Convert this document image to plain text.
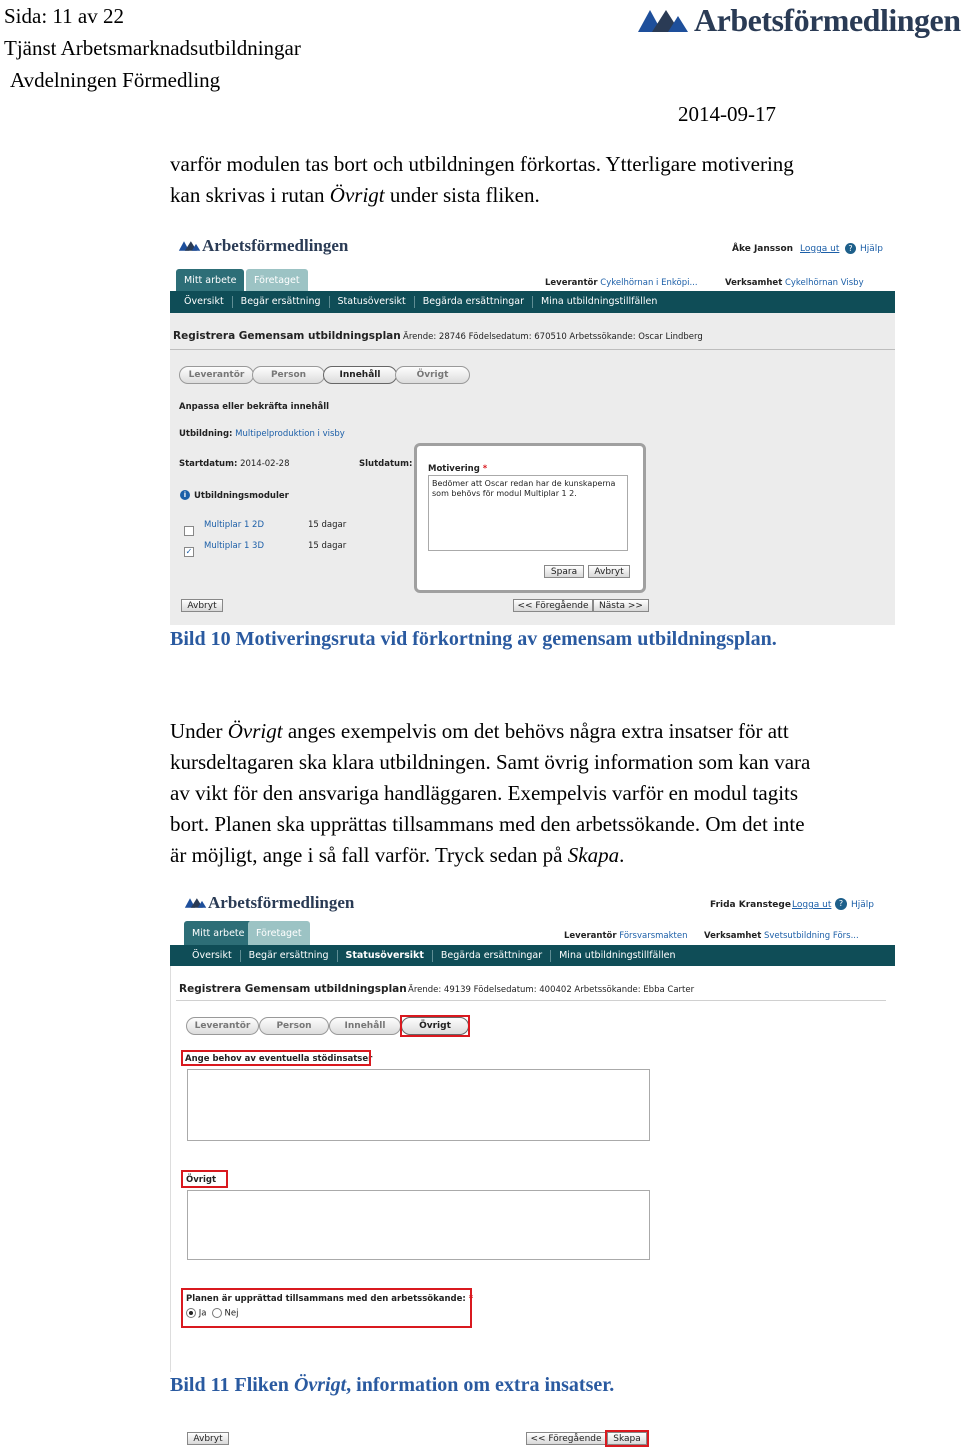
Sida: 11 av 22
Tjänst Arbetsmarknadsutbildningar
Avdelningen Förmedling
2014-09-17
Arbetsförmedlingen
varför modulen tas bort och utbildningen förkortas. Ytterligare motivering
kan skrivas i rutan Övrigt under sista fliken.
Arbetsförmedlingen	Åke Jansson Logga ut	? Hjälp
Mitt arbete	Företaget	Leverantör Cykelhörnan i Enköpi...	Verksamhet Cykelhörnan Visby
Översikt	Begär ersättning	Statusöversikt	Begärda ersättningar	Mina utbildningstillfällen
Registrera Gemensam utbildningsplan Ärende: 28746 Födelsedatum: 670510 Arbetssökande: Oscar Lindberg
Leverantör	Person	Innehåll	Övrigt
Anpassa eller bekräfta innehåll
Utbildning: Multipelproduktion i visby
Startdatum: 2014-02-28	Slutdatum:
i Utbildningsmoduler
Multiplar 1 2D	15 dagar
✓ Multiplar 1 3D	15 dagar
Motivering *
Bedömer att Oscar redan har de kunskaperna
som behövs för modul Multiplar 1 2.
Spara	Avbryt
Avbryt	<< Föregående	Nästa >>
Bild 10 Motiveringsruta vid förkortning av gemensam utbildningsplan.
Under Övrigt anges exempelvis om det behövs några extra insatser för att
kursdeltagaren ska klara utbildningen. Samt övrig information som kan vara
av vikt för den ansvariga handläggaren. Exempelvis varför en modul tagits
bort. Planen ska upprättas tillsammans med den arbetssökande. Om det inte
är möjligt, ange i så fall varför. Tryck sedan på Skapa.
Arbetsförmedlingen	Frida Kranstege Logga ut ? Hjälp
Mitt arbete	Företaget	Leverantör Försvarsmakten Verksamhet Svetsutbildning Förs...
Översikt	Begär ersättning	Statusöversikt	Begärda ersättningar	Mina utbildningstillfällen
Registrera Gemensam utbildningsplan Ärende: 49139 Födelsedatum: 400402 Arbetssökande: Ebba Carter
Leverantör	Person	Innehåll	Övrigt
Ange behov av eventuella stödinsatser
Övrigt
Planen är upprättad tillsammans med den arbetssökande: *
Ja Nej
Avbryt	<< Föregående	Skapa
Bild 11 Fliken Övrigt, information om extra insatser.
